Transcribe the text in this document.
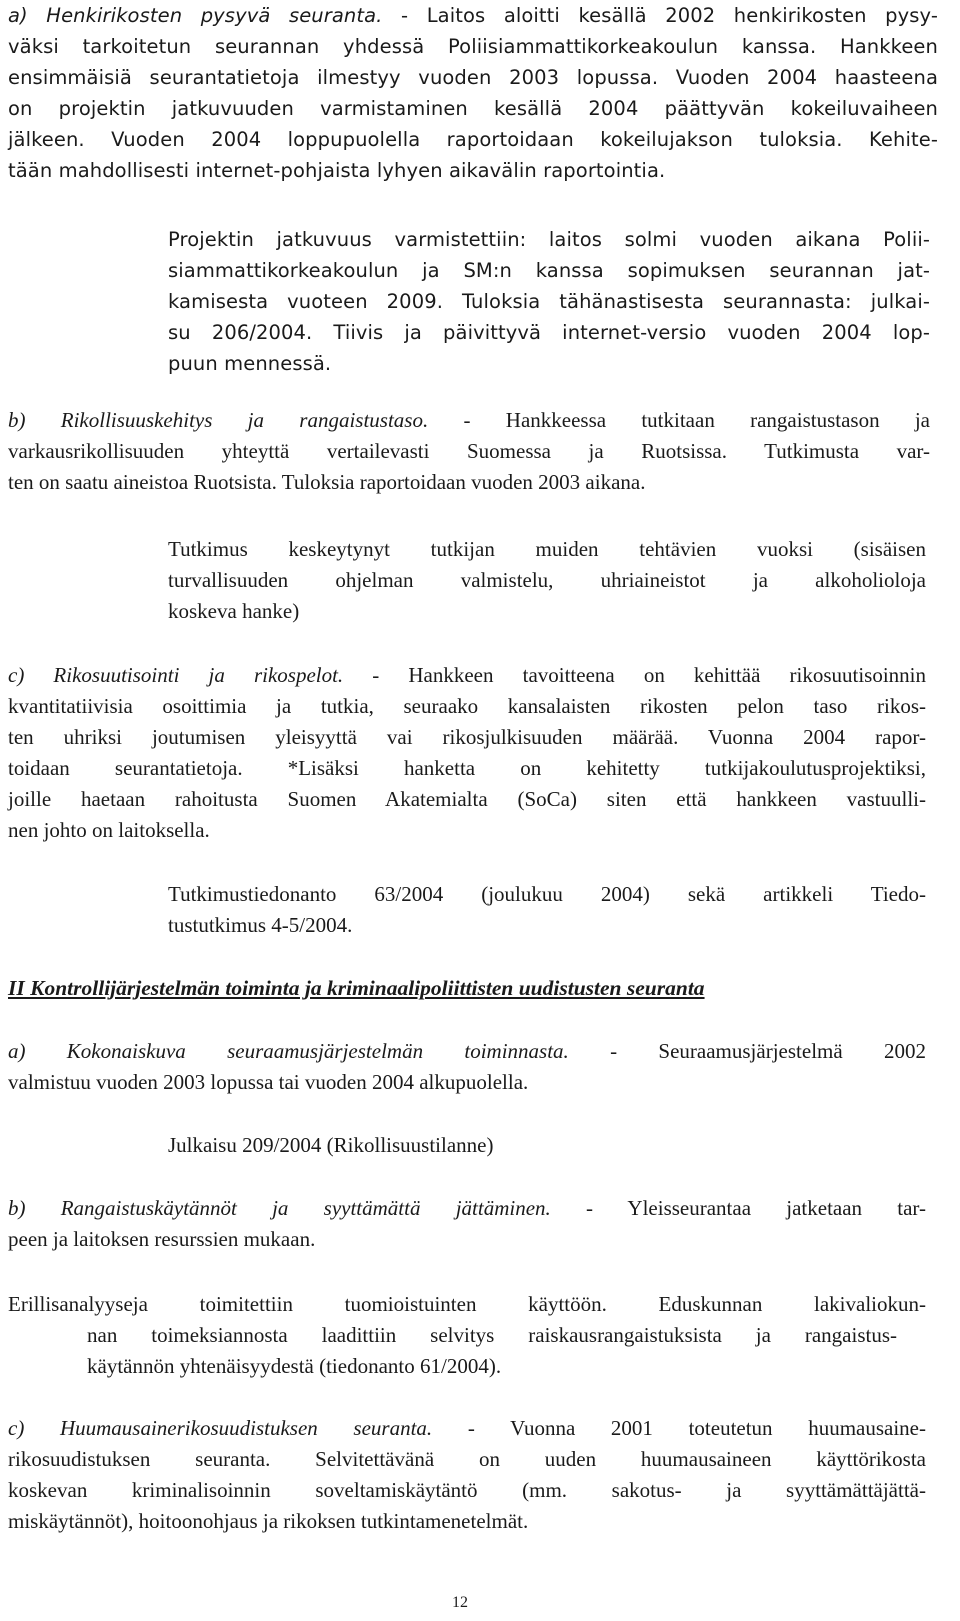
a) Henkirikosten pysyvä seuranta. - Laitos aloitti kesällä 2002 henkirikosten pysy-
väksi tarkoitetun seurannan yhdessä Poliisiammattikorkeakoulun kanssa. Hankkeen
ensimmäisiä seurantatietoja ilmestyy vuoden 2003 lopussa. Vuoden 2004 haasteena
on projektin jatkuvuuden varmistaminen kesällä 2004 päättyvän kokeiluvaiheen
jälkeen. Vuoden 2004 loppupuolella raportoidaan kokeilujakson tuloksia. Kehite-
tään mahdollisesti internet-pohjaista lyhyen aikavälin raportointia.
Projektin jatkuvuus varmistettiin: laitos solmi vuoden aikana Polii-
siammattikorkeakoulun ja SM:n kanssa sopimuksen seurannan jat-
kamisesta vuoteen 2009. Tuloksia tähänastisesta seurannasta: julkai-
su 206/2004. Tiivis ja päivittyvä internet-versio vuoden 2004 lop-
puun mennessä.
b) Rikollisuuskehitys ja rangaistustaso. - Hankkeessa tutkitaan rangaistustason ja
varkausrikollisuuden yhteyttä vertailevasti Suomessa ja Ruotsissa. Tutkimusta var-
ten on saatu aineistoa Ruotsista. Tuloksia raportoidaan vuoden 2003 aikana.
Tutkimus keskeytynyt tutkijan muiden tehtävien vuoksi (sisäisen
turvallisuuden ohjelman valmistelu, uhriaineistot ja alkoholioloja
koskeva hanke)
c) Rikosuutisointi ja rikospelot. - Hankkeen tavoitteena on kehittää rikosuutisoinnin
kvantitatiivisia osoittimia ja tutkia, seuraako kansalaisten rikosten pelon taso rikos-
ten uhriksi joutumisen yleisyyttä vai rikosjulkisuuden määrää. Vuonna 2004 rapor-
toidaan seurantatietoja. *Lisäksi hanketta on kehitetty tutkijakoulutusprojektiksi,
joille haetaan rahoitusta Suomen Akatemialta (SoCa) siten että hankkeen vastuulli-
nen johto on laitoksella.
Tutkimustiedonanto 63/2004 (joulukuu 2004) sekä artikkeli Tiedo-
tustutkimus 4-5/2004.
II Kontrollijärjestelmän toiminta ja kriminaalipoliittisten uudistusten seuranta
a) Kokonaiskuva seuraamusjärjestelmän toiminnasta. - Seuraamusjärjestelmä 2002
valmistuu vuoden 2003 lopussa tai vuoden 2004 alkupuolella.
Julkaisu 209/2004 (Rikollisuustilanne)
b) Rangaistuskäytännöt ja syyttämättä jättäminen. - Yleisseurantaa jatketaan tar-
peen ja laitoksen resurssien mukaan.
Erillisanalyyseja toimitettiin tuomioistuinten käyttöön. Eduskunnan lakivaliokun-
nan toimeksiannosta laadittiin selvitys raiskausrangaistuksista ja rangaistus-
käytännön yhtenäisyydestä (tiedonanto 61/2004).
c) Huumausainerikosuudistuksen seuranta. - Vuonna 2001 toteutetun huumausaine-
rikosuudistuksen seuranta. Selvitettävänä on uuden huumausaineen käyttörikosta
koskevan kriminalisoinnin soveltamiskäytäntö (mm. sakotus- ja syyttämättäjättä-
miskäytännöt), hoitoonohjaus ja rikoksen tutkintamenetelmät.
12
